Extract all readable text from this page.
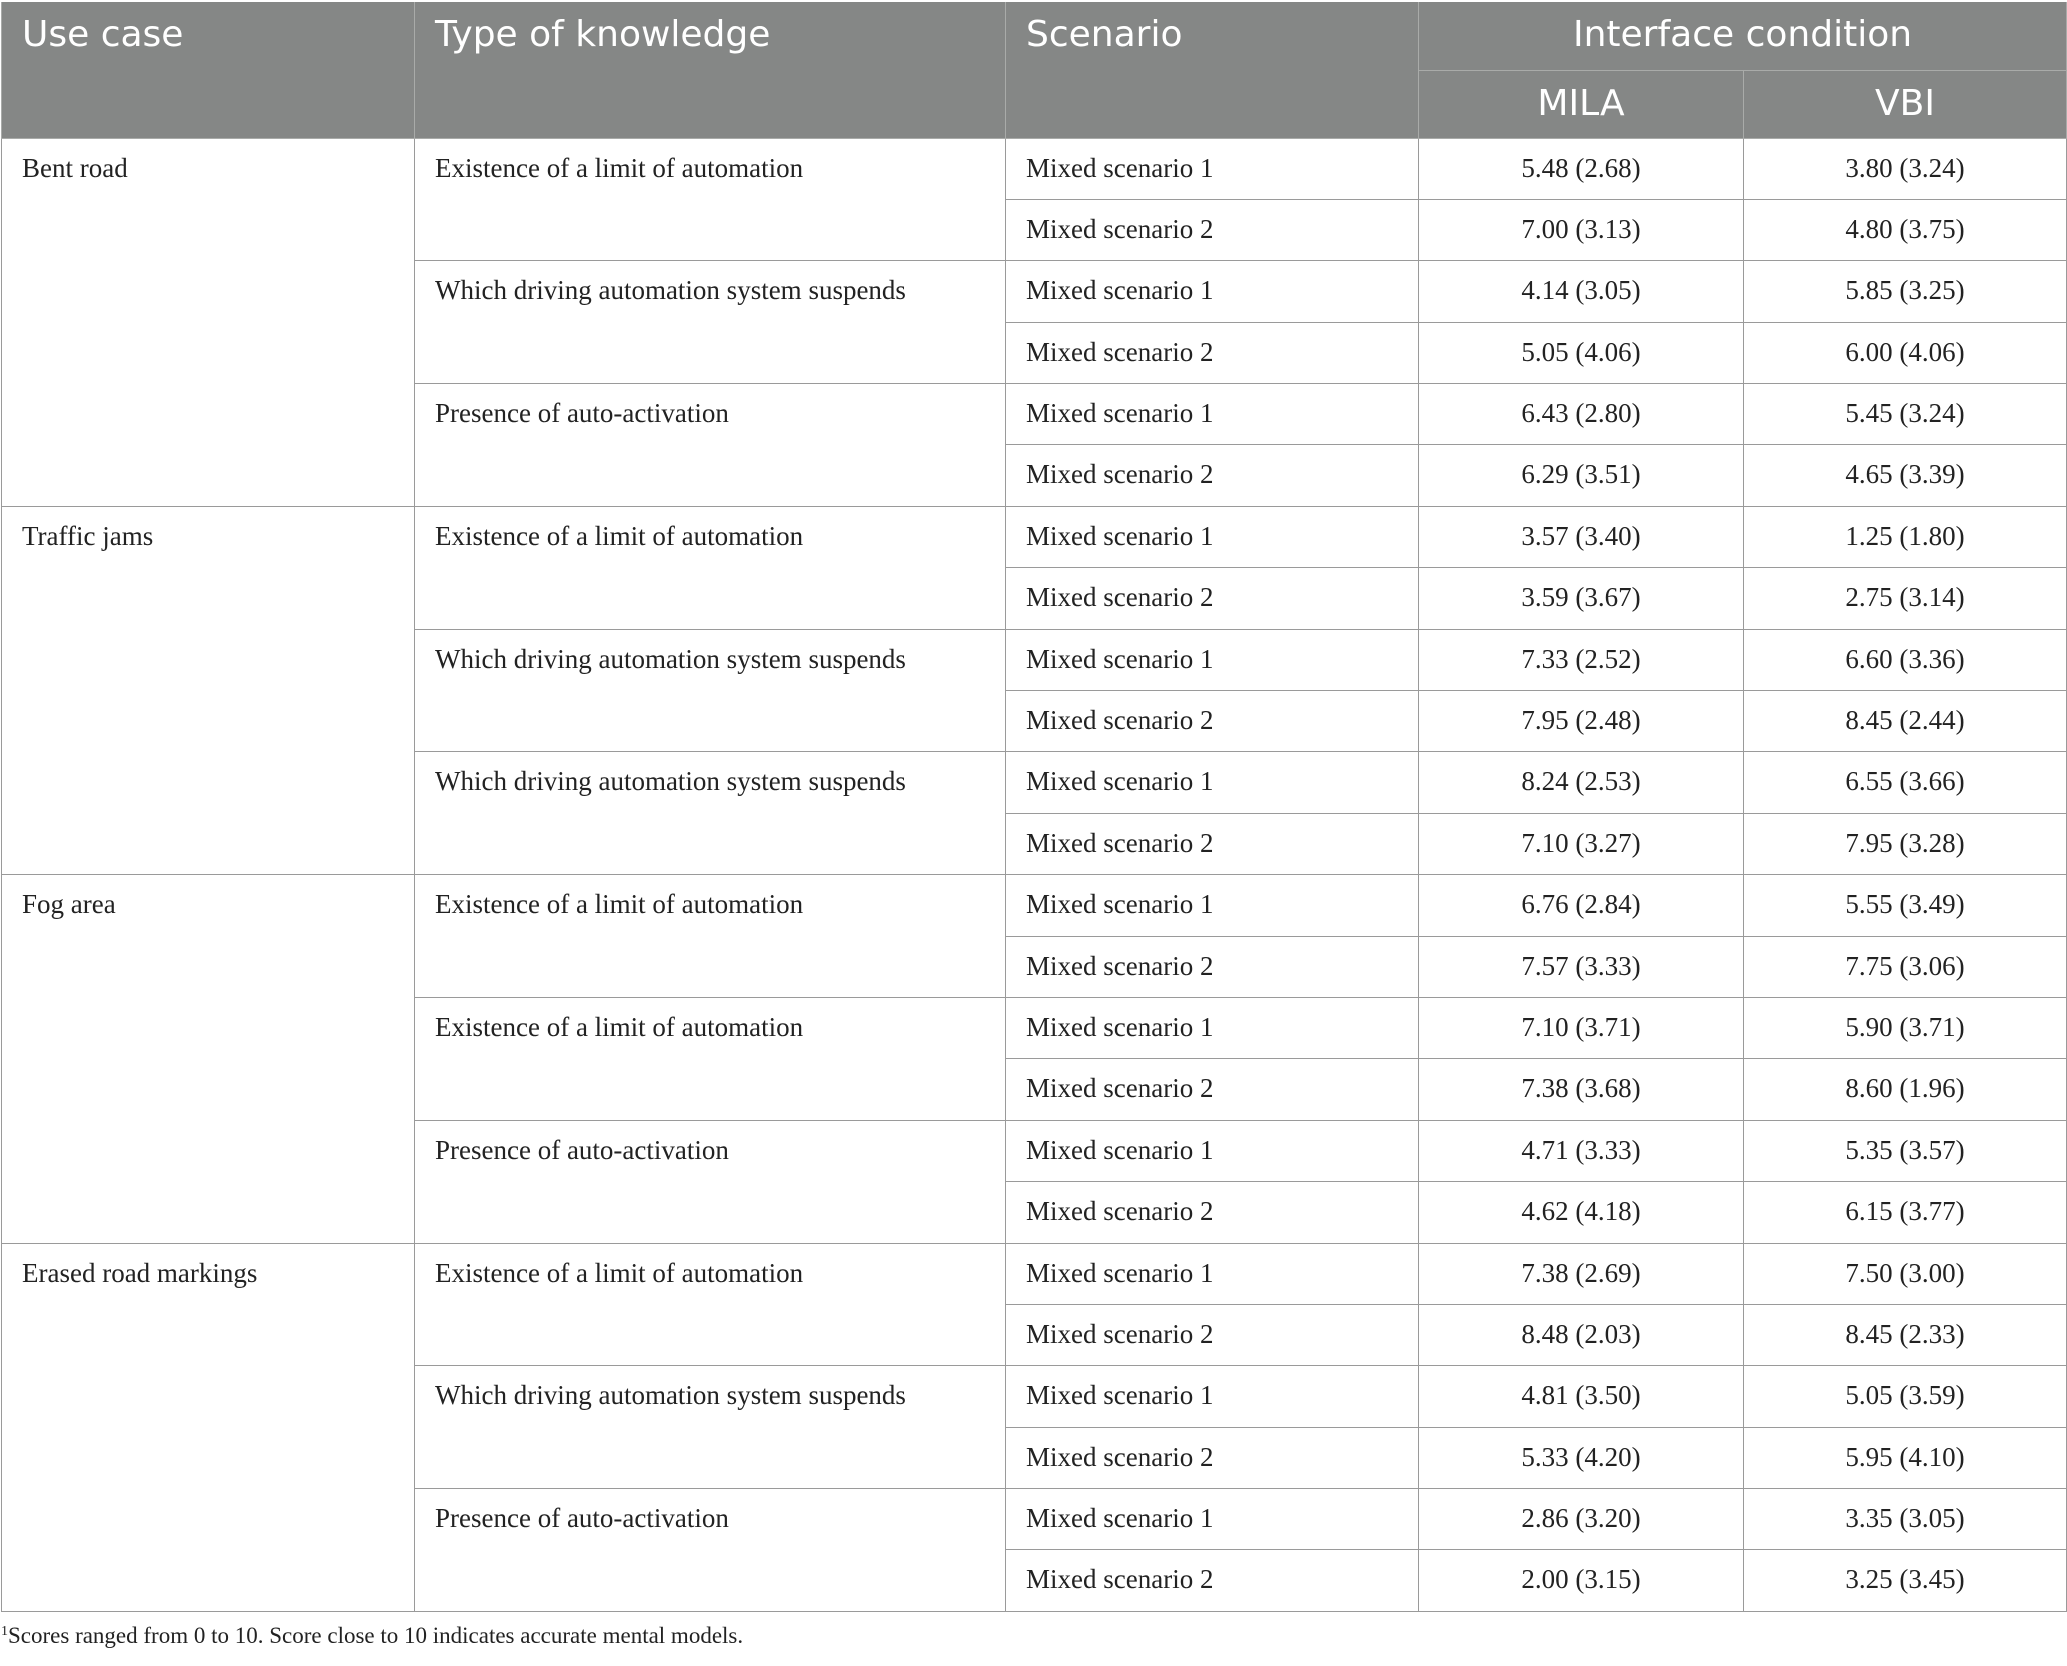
Use case	Type of knowledge	Scenario	Interface condition	
			MILA	VBI
Bent road	Existence of a limit of automation	Mixed scenario 1	5.48 (2.68)	3.80 (3.24)
		Mixed scenario 2	7.00 (3.13)	4.80 (3.75)
	Which driving automation system suspends	Mixed scenario 1	4.14 (3.05)	5.85 (3.25)
		Mixed scenario 2	5.05 (4.06)	6.00 (4.06)
	Presence of auto-activation	Mixed scenario 1	6.43 (2.80)	5.45 (3.24)
		Mixed scenario 2	6.29 (3.51)	4.65 (3.39)
Traffic jams	Existence of a limit of automation	Mixed scenario 1	3.57 (3.40)	1.25 (1.80)
		Mixed scenario 2	3.59 (3.67)	2.75 (3.14)
	Which driving automation system suspends	Mixed scenario 1	7.33 (2.52)	6.60 (3.36)
		Mixed scenario 2	7.95 (2.48)	8.45 (2.44)
	Which driving automation system suspends	Mixed scenario 1	8.24 (2.53)	6.55 (3.66)
		Mixed scenario 2	7.10 (3.27)	7.95 (3.28)
Fog area	Existence of a limit of automation	Mixed scenario 1	6.76 (2.84)	5.55 (3.49)
		Mixed scenario 2	7.57 (3.33)	7.75 (3.06)
	Existence of a limit of automation	Mixed scenario 1	7.10 (3.71)	5.90 (3.71)
		Mixed scenario 2	7.38 (3.68)	8.60 (1.96)
	Presence of auto-activation	Mixed scenario 1	4.71 (3.33)	5.35 (3.57)
		Mixed scenario 2	4.62 (4.18)	6.15 (3.77)
Erased road markings	Existence of a limit of automation	Mixed scenario 1	7.38 (2.69)	7.50 (3.00)
		Mixed scenario 2	8.48 (2.03)	8.45 (2.33)
	Which driving automation system suspends	Mixed scenario 1	4.81 (3.50)	5.05 (3.59)
		Mixed scenario 2	5.33 (4.20)	5.95 (4.10)
	Presence of auto-activation	Mixed scenario 1	2.86 (3.20)	3.35 (3.05)
		Mixed scenario 2	2.00 (3.15)	3.25 (3.45)
$^1$Scores ranged from 0 to 10. Score close to 10 indicates accurate mental models.
